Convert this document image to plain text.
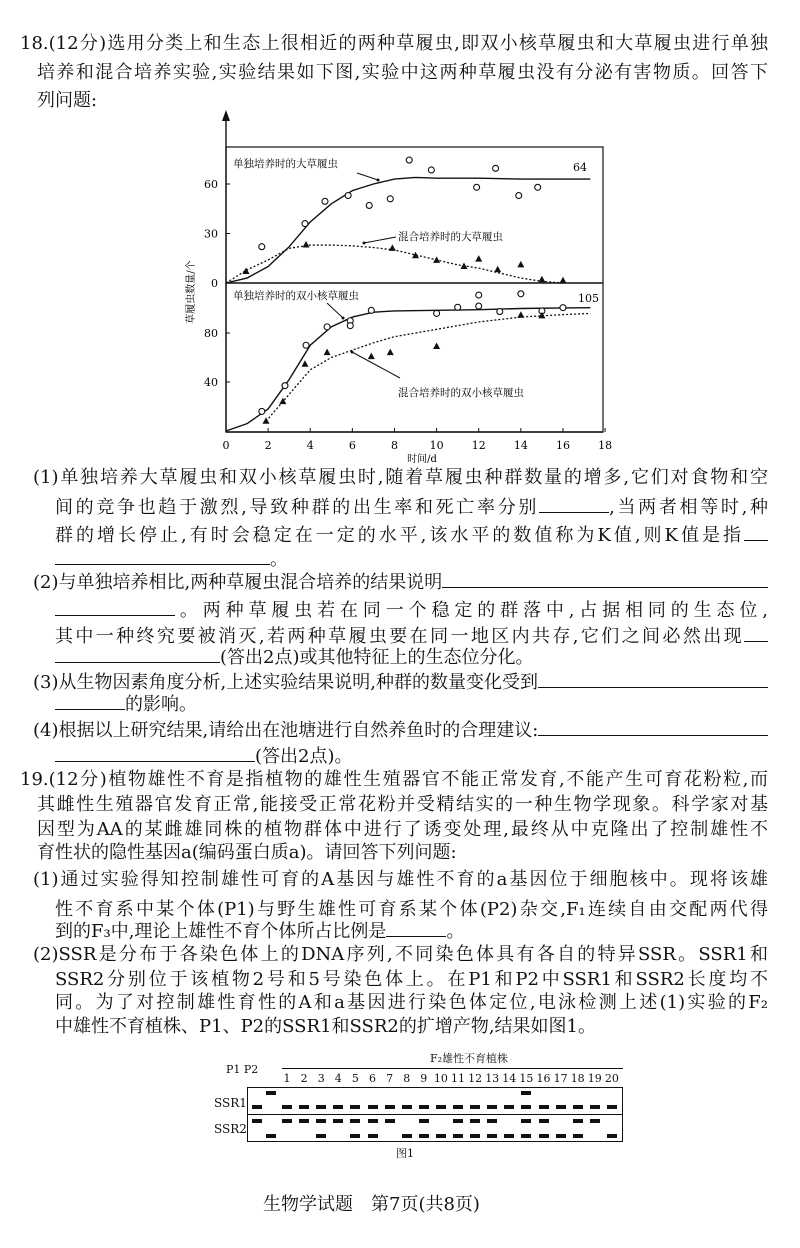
18.(12分)选用分类上和生态上很相近的两种草履虫,即双小核草履虫和大草履虫进行单独
培养和混合培养实验,实验结果如下图,实验中这两种草履虫没有分泌有害物质。回答下
列问题:
0	2	4	6	8	10	12	14	16	18
时间/d
草履虫数量/个 0
30
60
单独培养时的大草履虫	64
混合培养时的大草履虫
40
80
单独培养时的双小核草履虫	105
混合培养时的双小核草履虫
(1)单独培养大草履虫和双小核草履虫时,随着草履虫种群数量的增多,它们对食物和空
间的竞争也趋于激烈,导致种群的出生率和死亡率分别	,当两者相等时,种
群的增长停止,有时会稳定在一定的水平,该水平的数值称为K值,则K值是指
。
(2)与单独培养相比,两种草履虫混合培养的结果说明
。两种草履虫若在同一个稳定的群落中,占据相同的生态位,
其中一种终究要被消灭,若两种草履虫要在同一地区内共存,它们之间必然出现
(答出2点)或其他特征上的生态位分化。
(3)从生物因素角度分析,上述实验结果说明,种群的数量变化受到
的影响。
(4)根据以上研究结果,请给出在池塘进行自然养鱼时的合理建议:
(答出2点)。
19.(12分)植物雄性不育是指植物的雄性生殖器官不能正常发育,不能产生可育花粉粒,而
其雌性生殖器官发育正常,能接受正常花粉并受精结实的一种生物学现象。科学家对基
因型为AA的某雌雄同株的植物群体中进行了诱变处理,最终从中克隆出了控制雄性不
育性状的隐性基因a(编码蛋白质a)。请回答下列问题:
(1)通过实验得知控制雄性可育的A基因与雄性不育的a基因位于细胞核中。现将该雄
性不育系中某个体(P1)与野生雄性可育系某个体(P2)杂交,F₁连续自由交配两代得
到的F₃中,理论上雄性不育个体所占比例是	。
(2)SSR是分布于各染色体上的DNA序列,不同染色体具有各自的特异SSR。SSR1和
SSR2分别位于该植物2号和5号染色体上。在P1和P2中SSR1和SSR2长度均不
同。为了对控制雄性育性的A和a基因进行染色体定位,电泳检测上述(1)实验的F₂
中雄性不育植株、P1、P2的SSR1和SSR2的扩增产物,结果如图1。
F₂雄性不育植株
P1 P2
1 2 3 4 5 6 7 8 9 10 11 12 13 14 15 16 17 18 19 20
SSR1
SSR2
图1
生物学试题　第7页(共8页)
